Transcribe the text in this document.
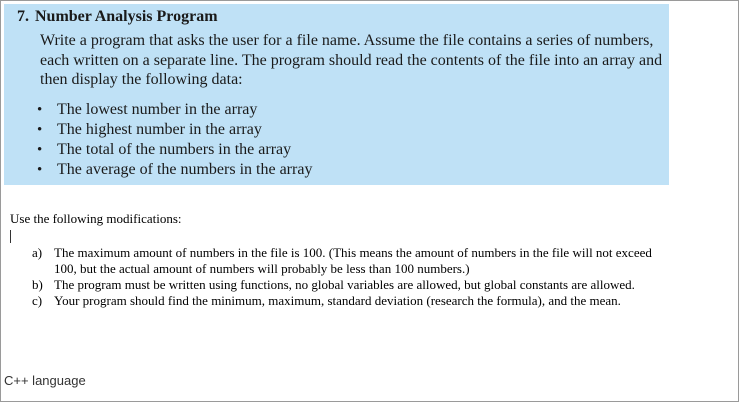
7. Number Analysis Program

Write a program that asks the user for a file name. Assume the file contains a series of numbers, each written on a separate line. The program should read the contents of the file into an array and then display the following data:

• The lowest number in the array
• The highest number in the array
• The total of the numbers in the array
• The average of the numbers in the array

Use the following modifications:

a) The maximum amount of numbers in the file is 100. (This means the amount of numbers in the file will not exceed 100, but the actual amount of numbers will probably be less than 100 numbers.)
b) The program must be written using functions, no global variables are allowed, but global constants are allowed.
c) Your program should find the minimum, maximum, standard deviation (research the formula), and the mean.

C++ language
